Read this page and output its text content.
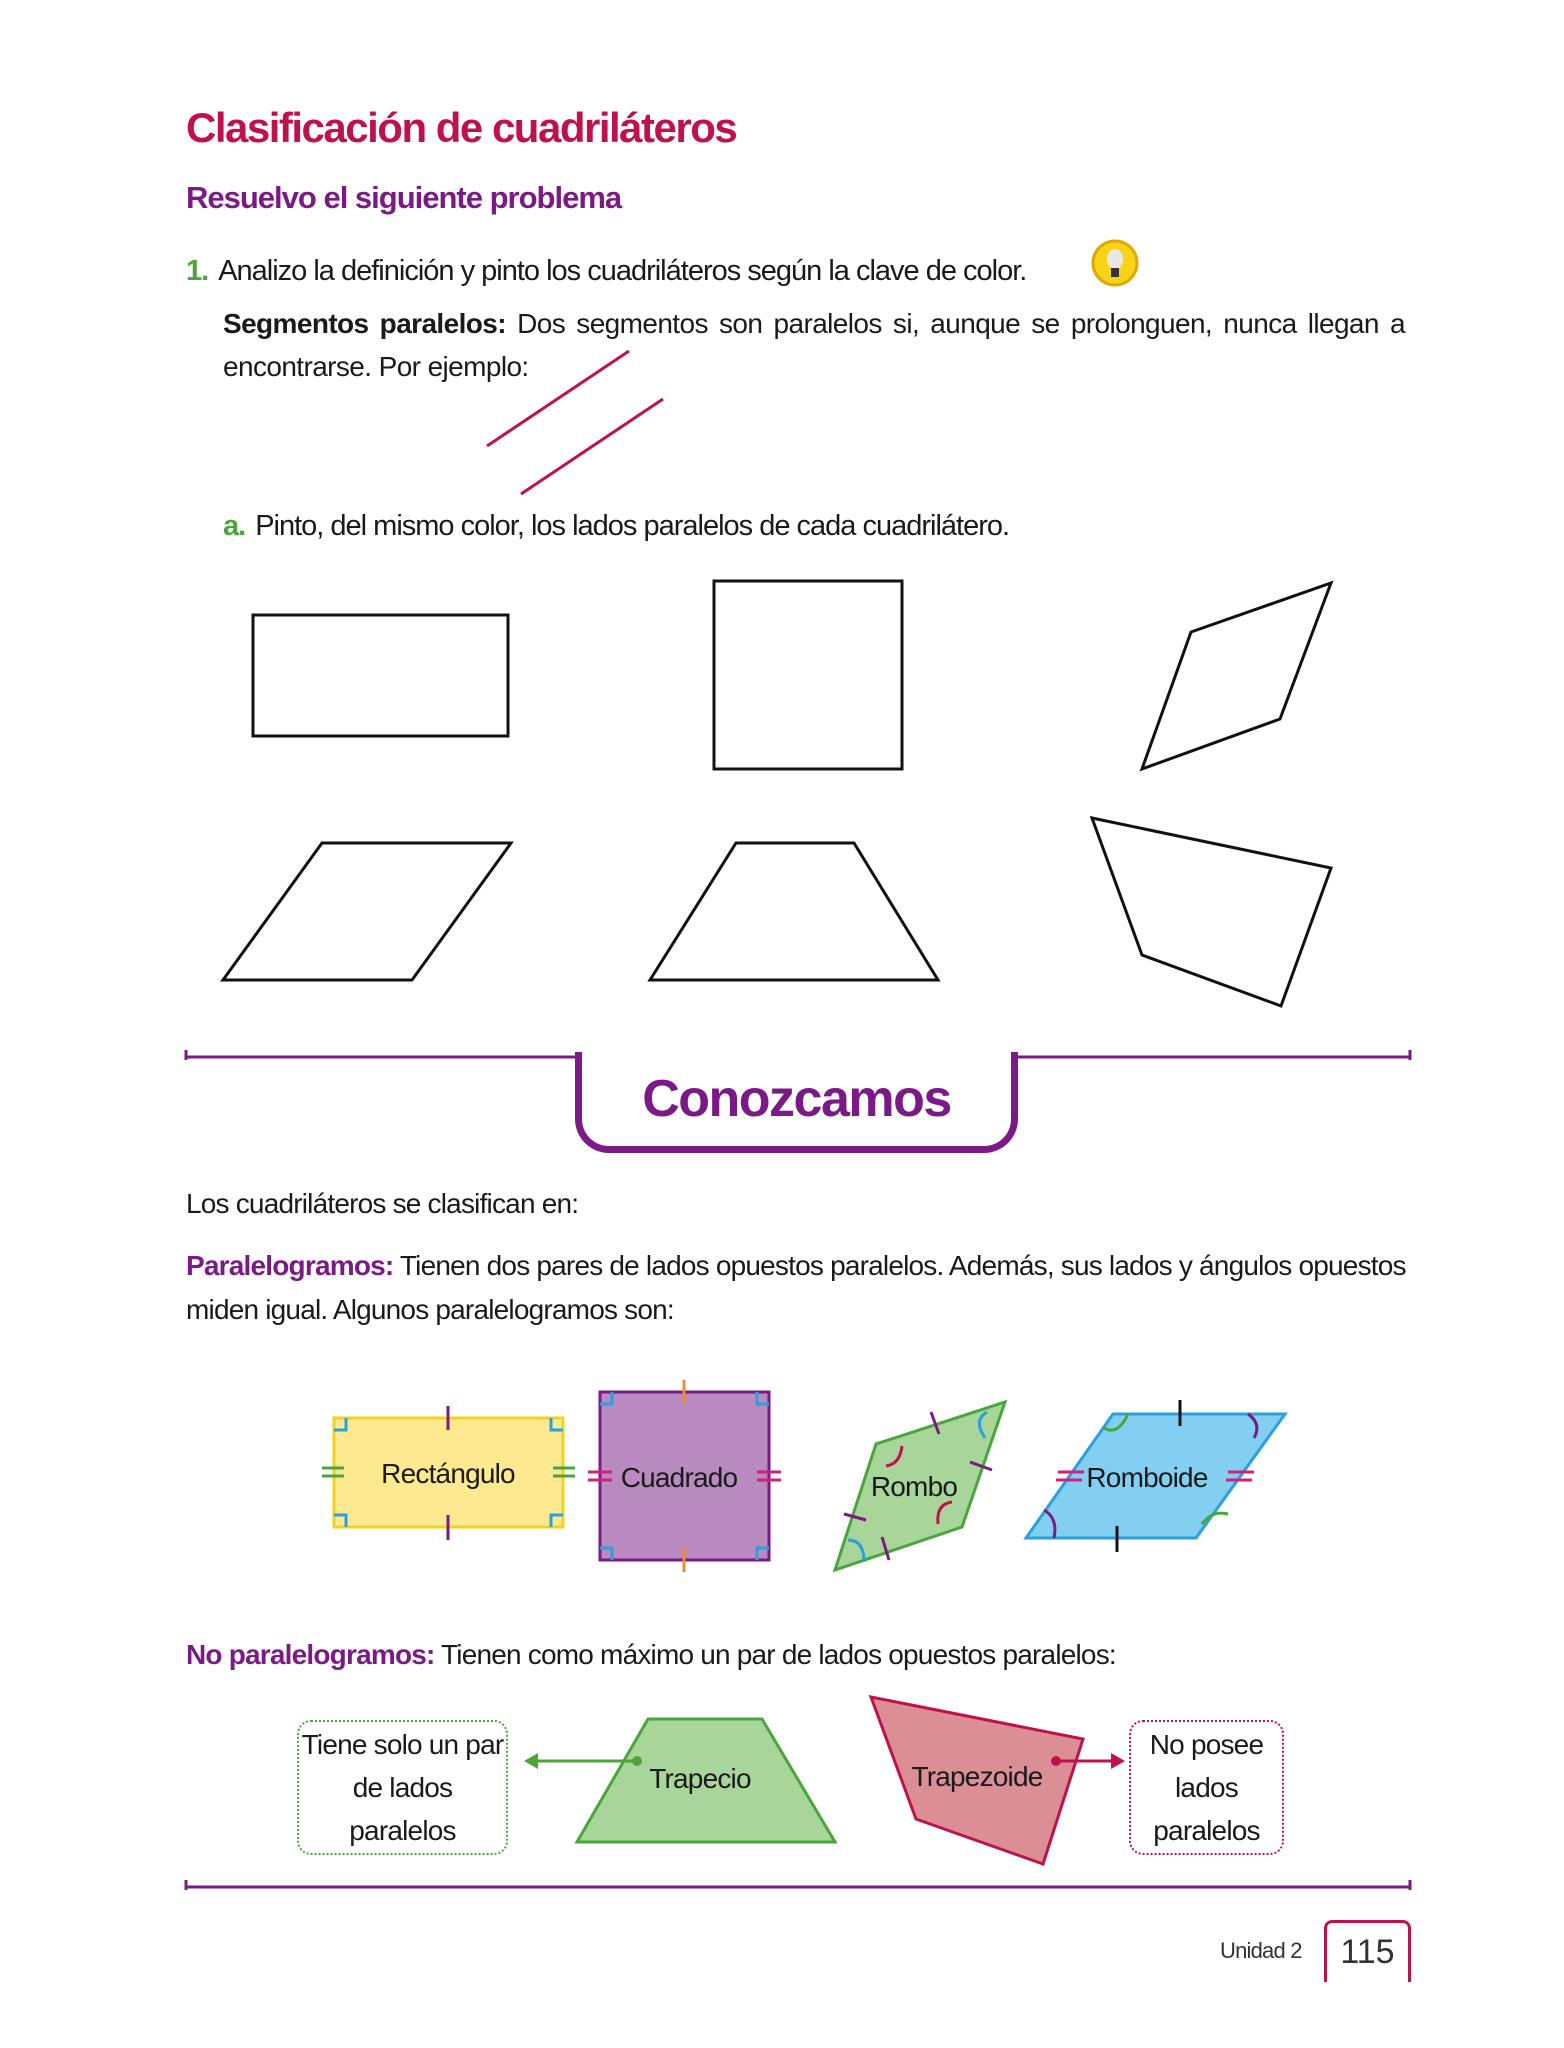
Clasificación de cuadriláteros
Resuelvo el siguiente problema
1. Analizo la definición y pinto los cuadriláteros según la clave de color.
Segmentos paralelos: Dos segmentos son paralelos si, aunque se prolonguen, nunca llegan a encontrarse. Por ejemplo:
a. Pinto, del mismo color, los lados paralelos de cada cuadrilátero.
Conozcamos
Los cuadriláteros se clasifican en:
Paralelogramos: Tienen dos pares de lados opuestos paralelos. Además, sus lados y ángulos opuestos miden igual. Algunos paralelogramos son:
Rectángulo	Cuadrado	Rombo	Romboide
Trapecio	Trapezoide
No paralelogramos: Tienen como máximo un par de lados opuestos paralelos:
Tiene solo un par de lados paralelos
No posee lados paralelos
Unidad 2	115
